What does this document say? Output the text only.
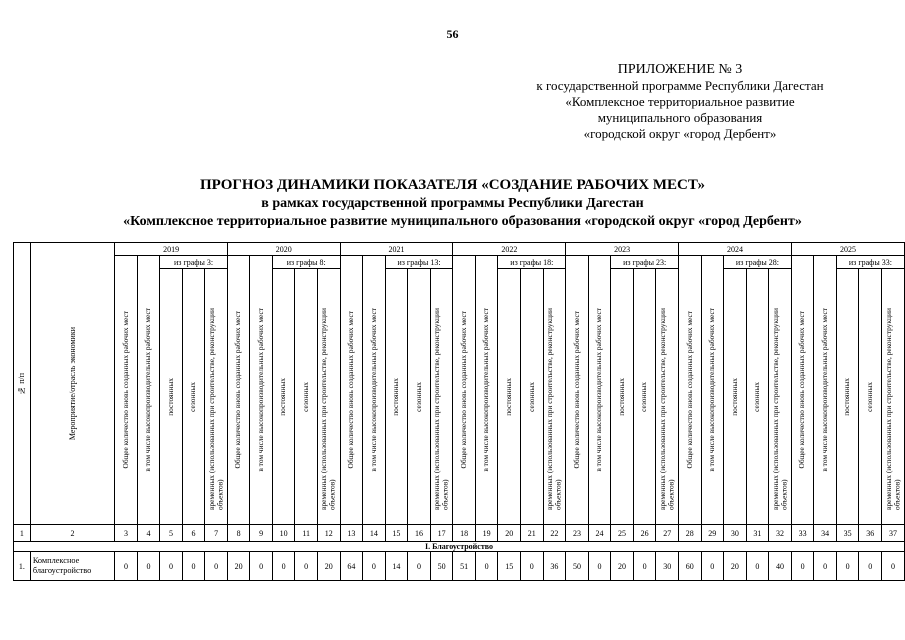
56
ПРИЛОЖЕНИЕ № 3
к государственной программе Республики Дагестан
«Комплексное территориальное развитие
муниципального образования
«городской округ «город Дербент»
ПРОГНОЗ ДИНАМИКИ ПОКАЗАТЕЛЯ «СОЗДАНИЕ РАБОЧИХ МЕСТ»
в рамках государственной программы Республики Дагестан
«Комплексное территориальное развитие муниципального образования «городской округ «город Дербент»
№ п/п	Мероприятие/отрасль экономики	2019					2020					2021					2022					2023					2024					2025				

		Общее количество вновь созданных рабочих мест	в том числе высокопроизводительных рабочих мест	из графы 3:			Общее количество вновь созданных рабочих мест	в том числе высокопроизводительных рабочих мест	из графы 8:			Общее количество вновь созданных рабочих мест	в том числе высокопроизводительных рабочих мест	из графы 13:			Общее количество вновь созданных рабочих мест	в том числе высокопроизводительных рабочих мест	из графы 18:			Общее количество вновь созданных рабочих мест	в том числе высокопроизводительных рабочих мест	из графы 23:			Общее количество вновь созданных рабочих мест	в том числе высокопроизводительных рабочих мест	из графы 28:			Общее количество вновь созданных рабочих мест	в том числе высокопроизводительных рабочих мест	из графы 33:		

				постоянных	сезонных	временных (использованных при строительстве, реконструкции объектов)			постоянных	сезонных	временных (использованных при строительстве, реконструкции объектов)			постоянных	сезонных	временных (использованных при строительстве, реконструкции объектов)			постоянных	сезонных	временных (использованных при строительстве, реконструкции объектов)			постоянных	сезонных	временных (использованных при строительстве, реконструкции объектов)			постоянных	сезонных	временных (использованных при строительстве, реконструкции объектов)			постоянных	сезонных	временных (использованных при строительстве, реконструкции объектов)

1	2	3	4	5	6	7	8	9	10	11	12	13	14	15	16	17	18	19	20	21	22	23	24	25	26	27	28	29	30	31	32	33	34	35	36	37
I. Благоустройство																																				
1.	Комплексное благоустройство	0	0	0	0	0	20	0	0	0	20	64	0	14	0	50	51	0	15	0	36	50	0	20	0	30	60	0	20	0	40	0	0	0	0	0
